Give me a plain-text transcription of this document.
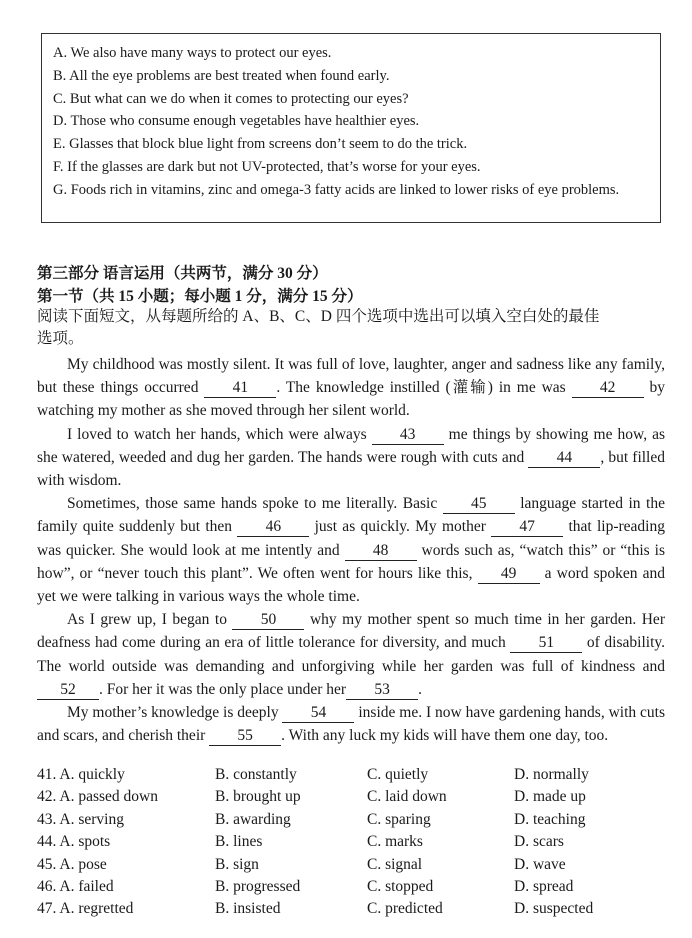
A. We also have many ways to protect our eyes.

B. All the eye problems are best treated when found early.

C. But what can we do when it comes to protecting our eyes?

D. Those who consume enough vegetables have healthier eyes.

E. Glasses that block blue light from screens don’t seem to do the trick.

F. If the glasses are dark but not UV-protected, that’s worse for your eyes.

G. Foods rich in vitamins, zinc and omega-3 fatty acids are linked to lower risks of eye problems.

第三部分 语言运用（共两节，满分 30 分）
第一节（共 15 小题；每小题 1 分，满分 15 分）
阅读下面短文，从每题所给的 A、B、C、D 四个选项中选出可以填入空白处的最佳
选项。

My childhood was mostly silent. It was full of love, laughter, anger and sadness like any family, but these things occurred 41 . The knowledge instilled (灌输) in me was 42 by watching my mother as she moved through her silent world.

I loved to watch her hands, which were always 43 me things by showing me how, as she watered, weeded and dug her garden. The hands were rough with cuts and 44 , but filled with wisdom.

Sometimes, those same hands spoke to me literally. Basic 45 language started in the family quite suddenly but then 46 just as quickly. My mother 47 that lip-reading was quicker. She would look at me intently and 48 words such as, “watch this” or “this is how”, or “never touch this plant”. We often went for hours like this, 49 a word spoken and yet we were talking in various ways the whole time.

As I grew up, I began to 50 why my mother spent so much time in her garden. Her deafness had come during an era of little tolerance for diversity, and much 51 of disability. The world outside was demanding and unforgiving while her garden was full of kindness and 52 . For her it was the only place under her 53 .

My mother’s knowledge is deeply 54 inside me. I now have gardening hands, with cuts and scars, and cherish their 55 . With any luck my kids will have them one day, too.

41. A. quickly	B. constantly	C. quietly	D. normally
42. A. passed down	B. brought up	C. laid down	D. made up
43. A. serving	B. awarding	C. sparing	D. teaching
44. A. spots	B. lines	C. marks	D. scars
45. A. pose	B. sign	C. signal	D. wave
46. A. failed	B. progressed	C. stopped	D. spread
47. A. regretted	B. insisted	C. predicted	D. suspected
